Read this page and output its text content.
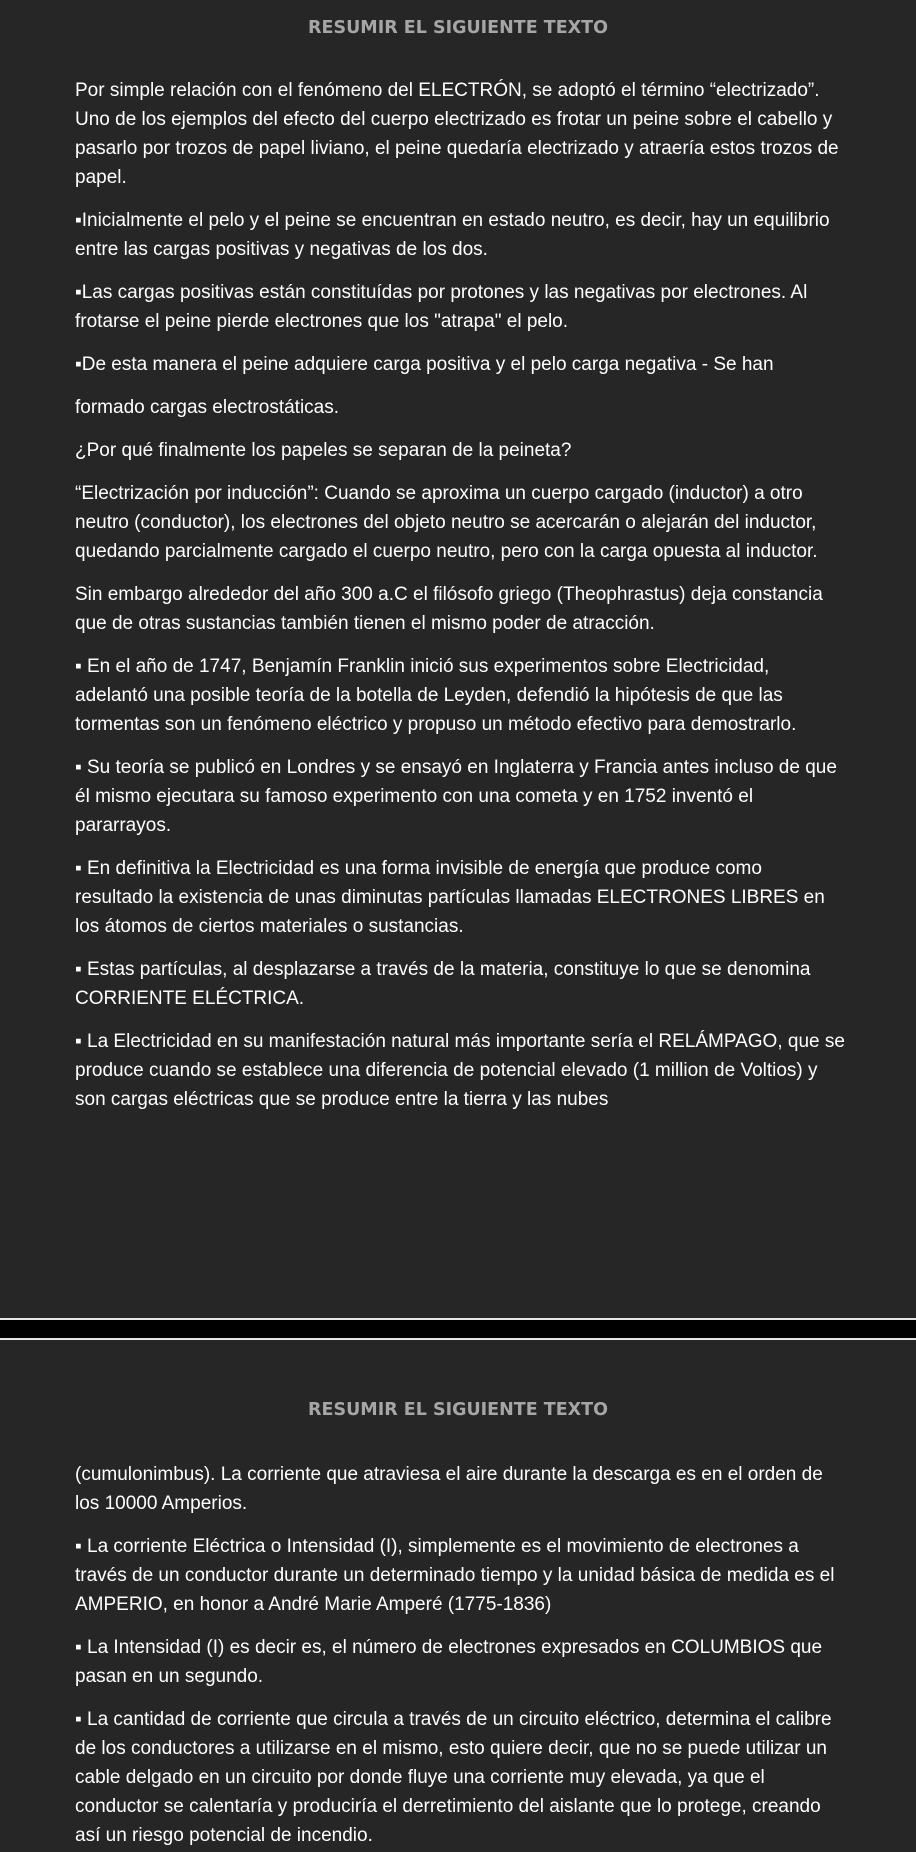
RESUMIR EL SIGUIENTE TEXTO

Por simple relación con el fenómeno del ELECTRÓN, se adoptó el término “electrizado”. Uno de los ejemplos del efecto del cuerpo electrizado es frotar un peine sobre el cabello y pasarlo por trozos de papel liviano, el peine quedaría electrizado y atraería estos trozos de papel.

▪Inicialmente el pelo y el peine se encuentran en estado neutro, es decir, hay un equilibrio entre las cargas positivas y negativas de los dos.

▪Las cargas positivas están constituídas por protones y las negativas por electrones. Al frotarse el peine pierde electrones que los "atrapa" el pelo.

▪De esta manera el peine adquiere carga positiva y el pelo carga negativa - Se han

formado cargas electrostáticas.

¿Por qué finalmente los papeles se separan de la peineta?

“Electrización por inducción”: Cuando se aproxima un cuerpo cargado (inductor) a otro neutro (conductor), los electrones del objeto neutro se acercarán o alejarán del inductor, quedando parcialmente cargado el cuerpo neutro, pero con la carga opuesta al inductor.

Sin embargo alrededor del año 300 a.C el filósofo griego (Theophrastus) deja constancia que de otras sustancias también tienen el mismo poder de atracción.

▪ En el año de 1747, Benjamín Franklin inició sus experimentos sobre Electricidad, adelantó una posible teoría de la botella de Leyden, defendió la hipótesis de que las tormentas son un fenómeno eléctrico y propuso un método efectivo para demostrarlo.

▪ Su teoría se publicó en Londres y se ensayó en Inglaterra y Francia antes incluso de que él mismo ejecutara su famoso experimento con una cometa y en 1752 inventó el pararrayos.

▪ En definitiva la Electricidad es una forma invisible de energía que produce como resultado la existencia de unas diminutas partículas llamadas ELECTRONES LIBRES en los átomos de ciertos materiales o sustancias.

▪ Estas partículas, al desplazarse a través de la materia, constituye lo que se denomina CORRIENTE ELÉCTRICA.

▪ La Electricidad en su manifestación natural más importante sería el RELÁMPAGO, que se produce cuando se establece una diferencia de potencial elevado (1 million de Voltios) y son cargas eléctricas que se produce entre la tierra y las nubes

RESUMIR EL SIGUIENTE TEXTO

(cumulonimbus). La corriente que atraviesa el aire durante la descarga es en el orden de los 10000 Amperios.

▪ La corriente Eléctrica o Intensidad (I), simplemente es el movimiento de electrones a través de un conductor durante un determinado tiempo y la unidad básica de medida es el AMPERIO, en honor a André Marie Amperé (1775-1836)

▪ La Intensidad (I) es decir es, el número de electrones expresados en COLUMBIOS que pasan en un segundo.

▪ La cantidad de corriente que circula a través de un circuito eléctrico, determina el calibre de los conductores a utilizarse en el mismo, esto quiere decir, que no se puede utilizar un cable delgado en un circuito por donde fluye una corriente muy elevada, ya que el conductor se calentaría y produciría el derretimiento del aislante que lo protege, creando así un riesgo potencial de incendio.
